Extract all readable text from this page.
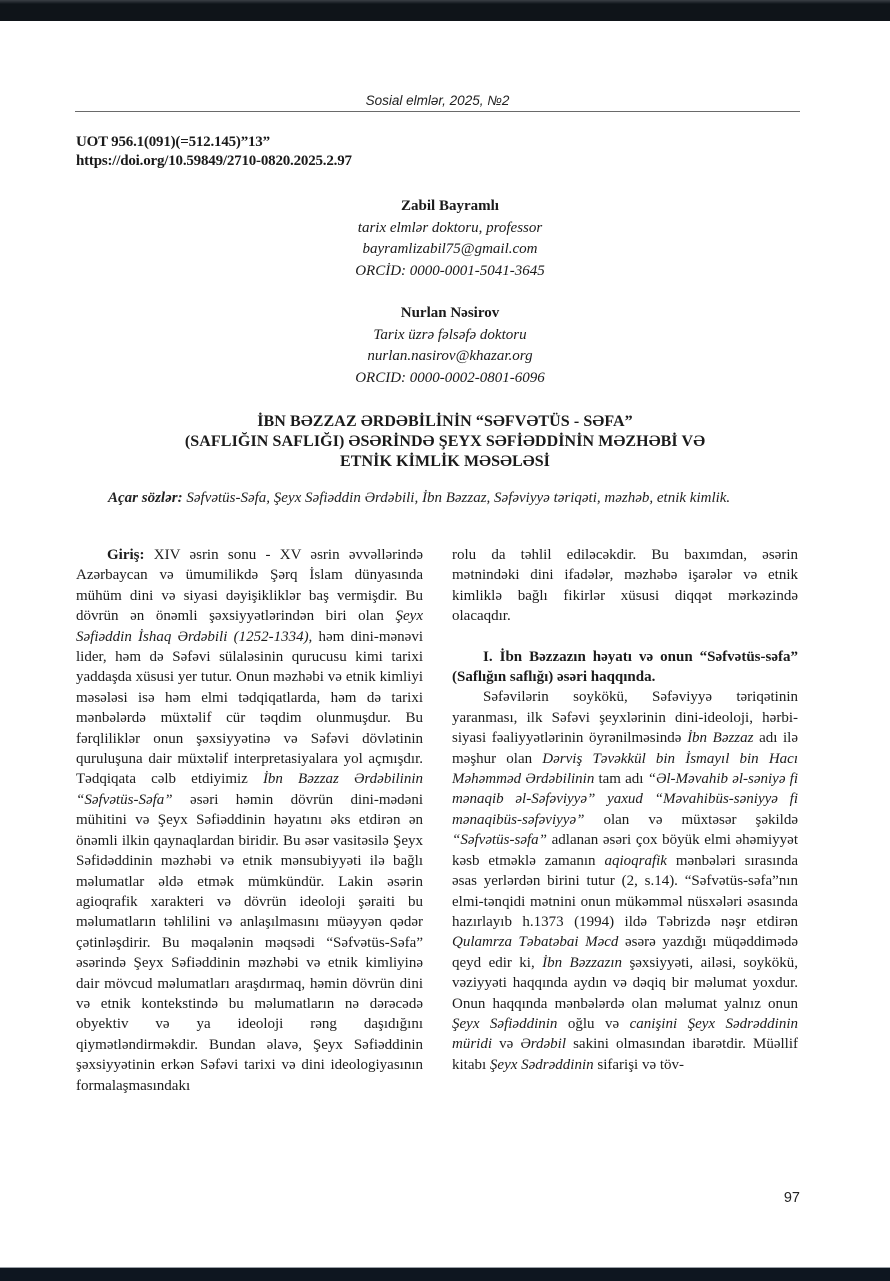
Sosial elmlər, 2025, №2
UOT 956.1(091)(=512.145)”13”
https://doi.org/10.59849/2710-0820.2025.2.97
Zabil Bayramlı
tarix elmlər doktoru, professor
bayramlizabil75@gmail.com
ORCİD: 0000-0001-5041-3645
Nurlan Nəsirov
Tarix üzrə fəlsəfə doktoru
nurlan.nasirov@khazar.org
ORCID: 0000-0002-0801-6096
İBN BƏZZAZ ƏRDƏBİLİNİN “SƏFVƏTÜS - SƏFA”
(SAFLIĞIN SAFLIĞI) ƏSƏRİNDƏ ŞEYX SƏFİƏDDİNİN MƏZHƏBİ VƏ
ETNİK KİMLİK MƏSƏLƏSİ
Açar sözlər: Səfvətüs-Səfa, Şeyx Səfiəddin Ərdəbili, İbn Bəzzaz, Səfəviyyə təriqəti, məzhəb, etnik kimlik.

Giriş: XIV əsrin sonu - XV əsrin əvvəllərində Azərbaycan və ümumilikdə Şərq İslam dünyasında mühüm dini və siyasi dəyişikliklər baş vermişdir. Bu dövrün ən önəmli şəxsiyyətlərindən biri olan Şeyx Səfiəddin İshaq Ərdəbili (1252-1334), həm dini-mənəvi lider, həm də Səfəvi sülaləsinin qurucusu kimi tarixi yaddaşda xüsusi yer tutur. Onun məzhəbi və etnik kimliyi məsələsi isə həm elmi tədqiqatlarda, həm də tarixi mənbələrdə müxtəlif cür təqdim olunmuşdur. Bu fərqliliklər onun şəxsiyyətinə və Səfəvi dövlətinin quruluşuna dair müxtəlif interpretasiyalara yol açmışdır. Tədqiqata cəlb etdiyimiz İbn Bəzzaz Ərdəbilinin “Səfvətüs-Səfa” əsəri həmin dövrün dini-mədəni mühitini və Şeyx Səfiəddinin həyatını əks etdirən ən önəmli ilkin qaynaqlardan biridir. Bu əsər vasitəsilə Şeyx Səfidəddinin məzhəbi və etnik mənsubiyyəti ilə bağlı məlumatlar əldə etmək mümkündür. Lakin əsərin agioqrafik xarakteri və dövrün ideoloji şəraiti bu məlumatların təhlilini və anlaşılmasını müəyyən qədər çətinləşdirir. Bu məqalənin məqsədi “Səfvətüs-Səfa” əsərində Şeyx Səfiəddinin məzhəbi və etnik kimliyinə dair mövcud məlumatları araşdırmaq, həmin dövrün dini və etnik kontekstində bu məlumatların nə dərəcədə obyektiv və ya ideoloji rəng daşıdığını qiymətləndirməkdir. Bundan əlavə, Şeyx Səfiəddinin şəxsiyyətinin erkən Səfəvi tarixi və dini ideologiyasının formalaşmasındakı

rolu da təhlil ediləcəkdir. Bu baxımdan, əsərin mətnindəki dini ifadələr, məzhəbə işarələr və etnik kimliklə bağlı fikirlər xüsusi diqqət mərkəzində olacaqdır.

I. İbn Bəzzazın həyatı və onun “Səfvətüs-səfa” (Saflığın saflığı) əsəri haqqında.

Səfəvilərin soykökü, Səfəviyyə təriqətinin yaranması, ilk Səfəvi şeyxlərinin dini-ideoloji, hərbi-siyasi fəaliyyətlərinin öyrənilməsində İbn Bəzzaz adı ilə məşhur olan Dərviş Təvəkkül bin İsmayıl bin Hacı Məhəmməd Ərdəbilinin tam adı “Əl-Məvahib əl-səniyə fi mənaqib əl-Səfəviyyə” yaxud “Məvahibüs-səniyyə fi mənaqibüs-səfəviyyə” olan və müxtəsər şəkildə “Səfvətüs-səfa” adlanan əsəri çox böyük elmi əhəmiyyət kəsb etməklə zamanın aqioqrafik mənbələri sırasında əsas yerlərdən birini tutur (2, s.14). “Səfvətüs-səfa”nın elmi-tənqidi mətnini onun mükəmməl nüsxələri əsasında hazırlayıb h.1373 (1994) ildə Təbrizdə nəşr etdirən Qulamrza Təbatəbai Məcd əsərə yazdığı müqəddimədə qeyd edir ki, İbn Bəzzazın şəxsiyyəti, ailəsi, soykökü, vəziyyəti haqqında aydın və dəqiq bir məlumat yoxdur. Onun haqqında mənbələrdə olan məlumat yalnız onun Şeyx Səfiəddinin oğlu və canişini Şeyx Sədrəddinin müridi və Ərdəbil sakini olmasından ibarətdir. Müəllif kitabı Şeyx Sədrəddinin sifarişi və töv-

97
